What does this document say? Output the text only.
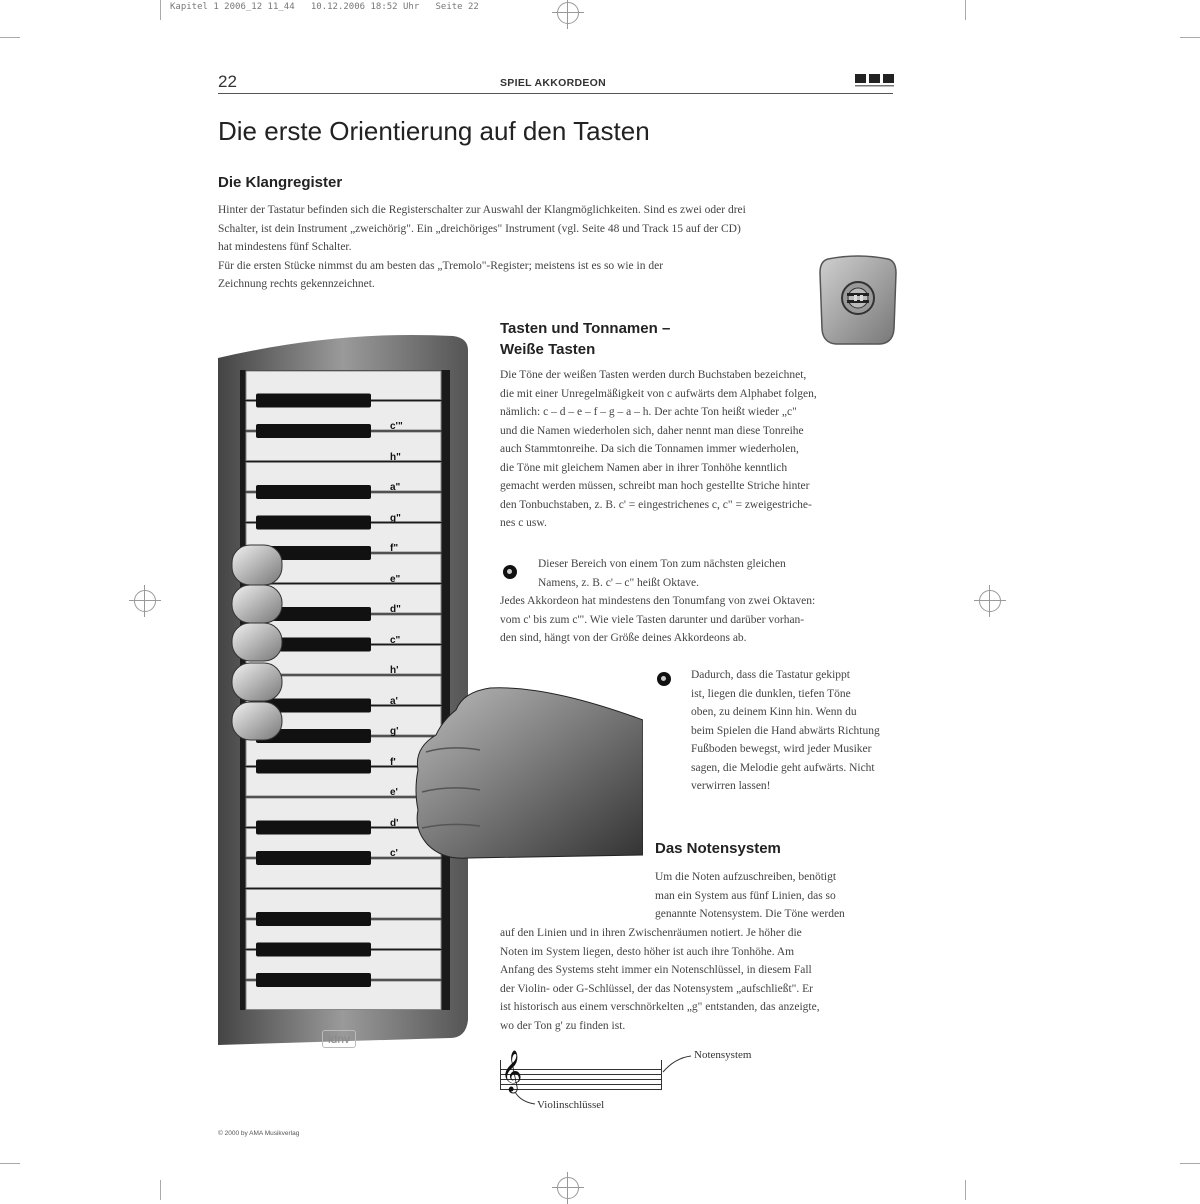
Kapitel 1 2006_12 11_44   10.12.2006 18:52 Uhr   Seite 22
22	SPIEL AKKORDEON
Die erste Orientierung auf den Tasten
Die Klangregister
Hinter der Tastatur befinden sich die Registerschalter zur Auswahl der Klangmöglichkeiten. Sind es zwei oder drei
Schalter, ist dein Instrument „zweichörig". Ein „dreichöriges" Instrument (vgl. Seite 48 und Track 15 auf der CD)
hat mindestens fünf Schalter.
Für die ersten Stücke nimmst du am besten das „Tremolo"-Register; meistens ist es so wie in der
Zeichnung rechts gekennzeichnet.
c'"
h"
a"
g"
f"
e"
d"
c"
h'
a'
g'
f'
e'
d'
c'
idnv
Tasten und Tonnamen –
Weiße Tasten
Die Töne der weißen Tasten werden durch Buchstaben bezeichnet,
die mit einer Unregelmäßigkeit von c aufwärts dem Alphabet folgen,
nämlich: c – d – e – f – g – a – h. Der achte Ton heißt wieder „c"
und die Namen wiederholen sich, daher nennt man diese Tonreihe
auch Stammtonreihe. Da sich die Tonnamen immer wiederholen,
die Töne mit gleichem Namen aber in ihrer Tonhöhe kenntlich
gemacht werden müssen, schreibt man hoch gestellte Striche hinter
den Tonbuchstaben, z. B. c' = eingestrichenes c, c" = zweigestriche-
nes c usw.
Dieser Bereich von einem Ton zum nächsten gleichen
Namens, z. B. c' – c" heißt Oktave.
Jedes Akkordeon hat mindestens den Tonumfang von zwei Oktaven:
vom c' bis zum c'". Wie viele Tasten darunter und darüber vorhan-
den sind, hängt von der Größe deines Akkordeons ab.
Dadurch, dass die Tastatur gekippt
ist, liegen die dunklen, tiefen Töne
oben, zu deinem Kinn hin. Wenn du
beim Spielen die Hand abwärts Richtung
Fußboden bewegst, wird jeder Musiker
sagen, die Melodie geht aufwärts. Nicht
verwirren lassen!
Das Notensystem
Um die Noten aufzuschreiben, benötigt
man ein System aus fünf Linien, das so
genannte Notensystem. Die Töne werden
auf den Linien und in ihren Zwischenräumen notiert. Je höher die
Noten im System liegen, desto höher ist auch ihre Tonhöhe. Am
Anfang des Systems steht immer ein Notenschlüssel, in diesem Fall
der Violin- oder G-Schlüssel, der das Notensystem „aufschließt". Er
ist historisch aus einem verschnörkelten „g" entstanden, das anzeigte,
wo der Ton g' zu finden ist.
𝄞	Notensystem
Violinschlüssel
© 2000 by AMA Musikverlag
